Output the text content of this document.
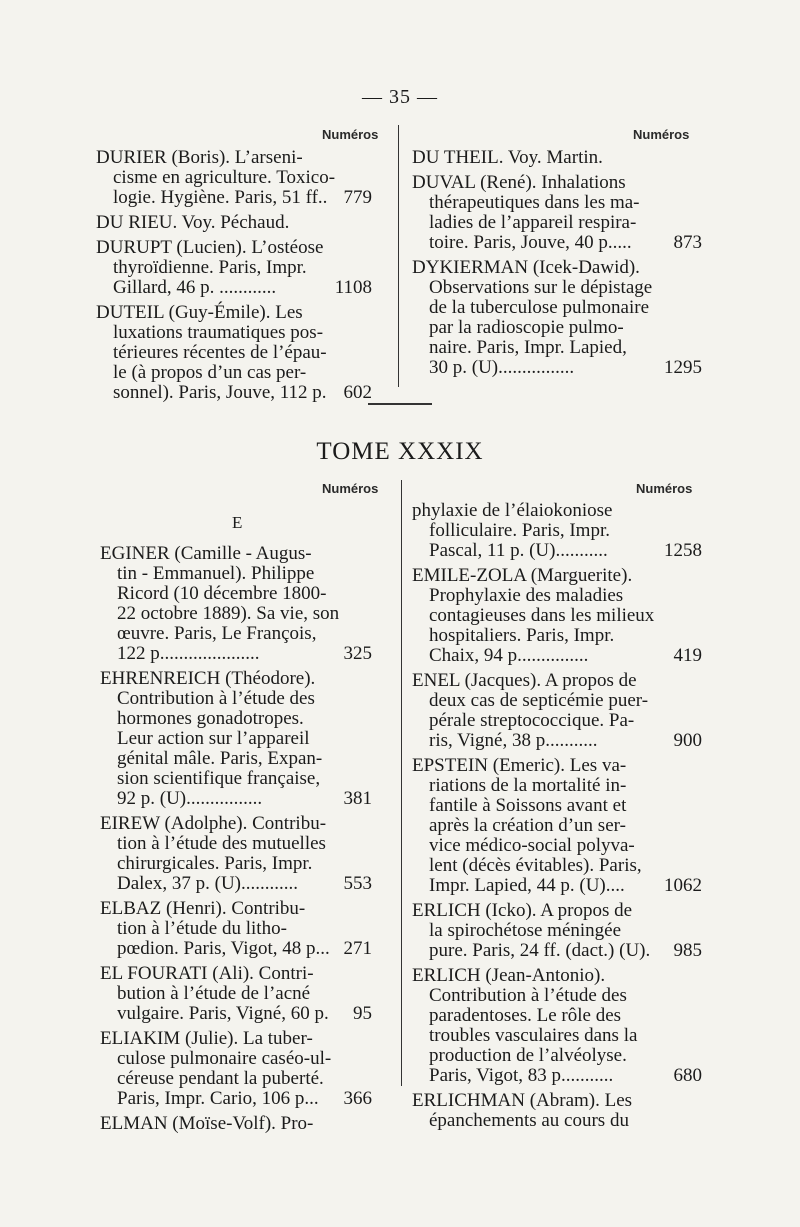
— 35 —
Numéros	Numéros
DURIER (Boris). L’arseni-
cisme en agriculture. Toxico-
logie. Hygiène. Paris, 51 ff.. 779
DU RIEU. Voy. Péchaud.
DURUPT (Lucien). L’ostéose
thyroïdienne. Paris, Impr.
Gillard, 46 p. ............	1108
DUTEIL (Guy-Émile). Les
luxations traumatiques pos-
térieures récentes de l’épau-
le (à propos d’un cas per-
sonnel). Paris, Jouve, 112 p. 602
DU THEIL. Voy. Martin.
DUVAL (René). Inhalations
thérapeutiques dans les ma-
ladies de l’appareil respira-
toire. Paris, Jouve, 40 p.....	873
DYKIERMAN (Icek-Dawid).
Observations sur le dépistage
de la tuberculose pulmonaire
par la radioscopie pulmo-
naire. Paris, Impr. Lapied,
30 p. (U)................	1295
TOME XXXIX
Numéros	Numéros
E
EGINER (Camille - Augus-
tin - Emmanuel). Philippe
Ricord (10 décembre 1800-
22 octobre 1889). Sa vie, son
œuvre. Paris, Le François,
122 p.....................	325
EHRENREICH (Théodore).
Contribution à l’étude des
hormones gonadotropes.
Leur action sur l’appareil
génital mâle. Paris, Expan-
sion scientifique française,
92 p. (U)................	381
EIREW (Adolphe). Contribu-
tion à l’étude des mutuelles
chirurgicales. Paris, Impr.
Dalex, 37 p. (U)............	553
ELBAZ (Henri). Contribu-
tion à l’étude du litho-
pœdion. Paris, Vigot, 48 p... 271
EL FOURATI (Ali). Contri-
bution à l’étude de l’acné
vulgaire. Paris, Vigné, 60 p. 95
ELIAKIM (Julie). La tuber-
culose pulmonaire caséo-ul-
céreuse pendant la puberté.
Paris, Impr. Cario, 106 p... 366
ELMAN (Moïse-Volf). Pro-
phylaxie de l’élaiokoniose
folliculaire. Paris, Impr.
Pascal, 11 p. (U)...........	1258
EMILE-ZOLA (Marguerite).
Prophylaxie des maladies
contagieuses dans les milieux
hospitaliers. Paris, Impr.
Chaix, 94 p...............	419
ENEL (Jacques). A propos de
deux cas de septicémie puer-
pérale streptococcique. Pa-
ris, Vigné, 38 p...........	900
EPSTEIN (Emeric). Les va-
riations de la mortalité in-
fantile à Soissons avant et
après la création d’un ser-
vice médico-social polyva-
lent (décès évitables). Paris,
Impr. Lapied, 44 p. (U)....	1062
ERLICH (Icko). A propos de
la spirochétose méningée
pure. Paris, 24 ff. (dact.) (U). 985
ERLICH (Jean-Antonio).
Contribution à l’étude des
paradentoses. Le rôle des
troubles vasculaires dans la
production de l’alvéolyse.
Paris, Vigot, 83 p...........	680
ERLICHMAN (Abram). Les
épanchements au cours du
